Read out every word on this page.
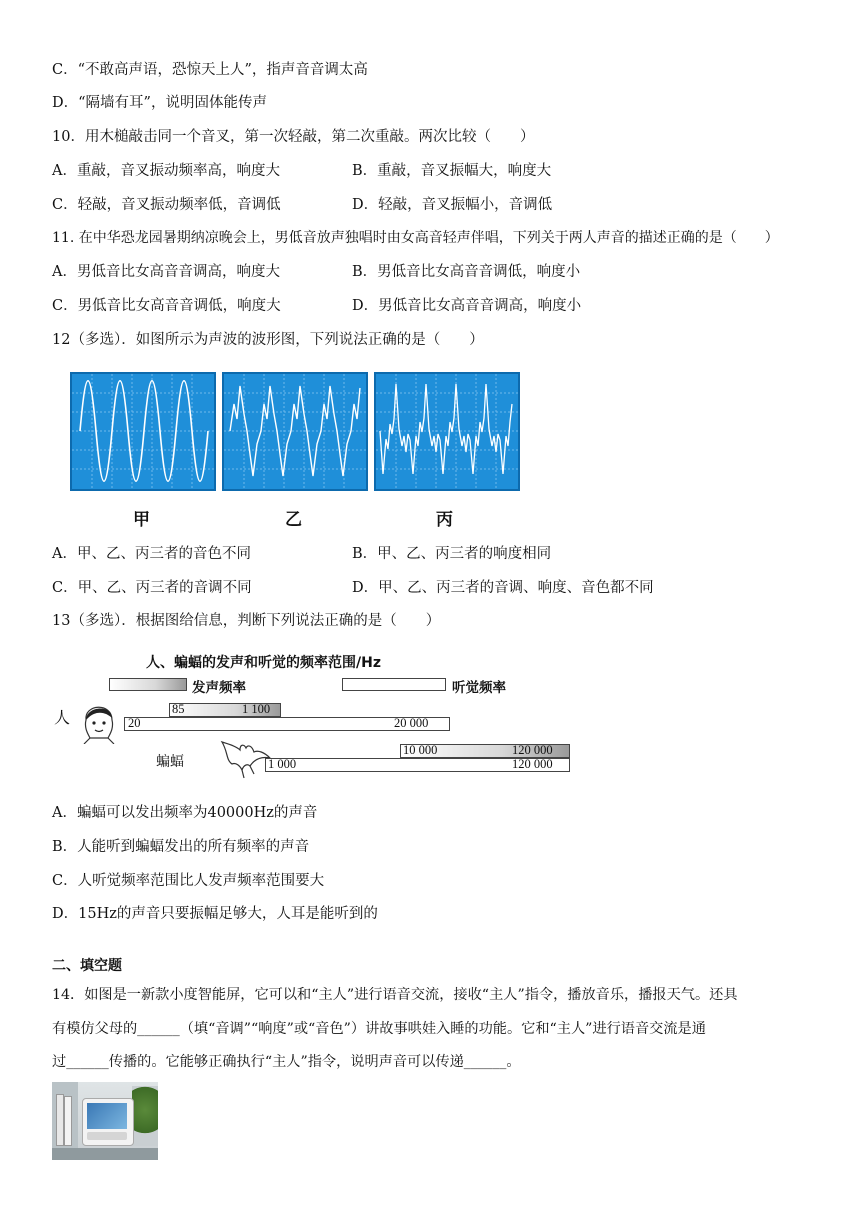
C．“不敢高声语，恐惊天上人”，指声音音调太高
D．“隔墙有耳”，说明固体能传声
10．用木槌敲击同一个音叉，第一次轻敲，第二次重敲。两次比较（　　）
A．重敲，音叉振动频率高，响度大	B．重敲，音叉振幅大，响度大
C．轻敲，音叉振动频率低，音调低	D．轻敲，音叉振幅小，音调低
11. 在中华恐龙园暑期纳凉晚会上，男低音放声独唱时由女高音轻声伴唱，下列关于两人声音的描述正确的是（　　）
A．男低音比女高音音调高，响度大	B．男低音比女高音音调低，响度小
C．男低音比女高音音调低，响度大	D．男低音比女高音音调高，响度小
12（多选）．如图所示为声波的波形图，下列说法正确的是（　　）
甲	乙	丙
A．甲、乙、丙三者的音色不同	B．甲、乙、丙三者的响度相同
C．甲、乙、丙三者的音调不同	D．甲、乙、丙三者的音调、响度、音色都不同
13（多选）．根据图给信息，判断下列说法正确的是（　　）
人、蝙蝠的发声和听觉的频率范围/Hz
发声频率	听觉频率
人	85	1 100
20	20 000
蝙蝠
10 000	120 000
1 000	120 000
A．蝙蝠可以发出频率为40000Hz的声音
B．人能听到蝙蝠发出的所有频率的声音
C．人听觉频率范围比人发声频率范围要大
D．15Hz的声音只要振幅足够大，人耳是能听到的
二、填空题
14．如图是一新款小度智能屏，它可以和“主人”进行语音交流，接收“主人”指令，播放音乐，播报天气。还具
有模仿父母的______（填“音调”“响度”或“音色”）讲故事哄娃入睡的功能。它和“主人”进行语音交流是通
过______传播的。它能够正确执行“主人”指令，说明声音可以传递______。
